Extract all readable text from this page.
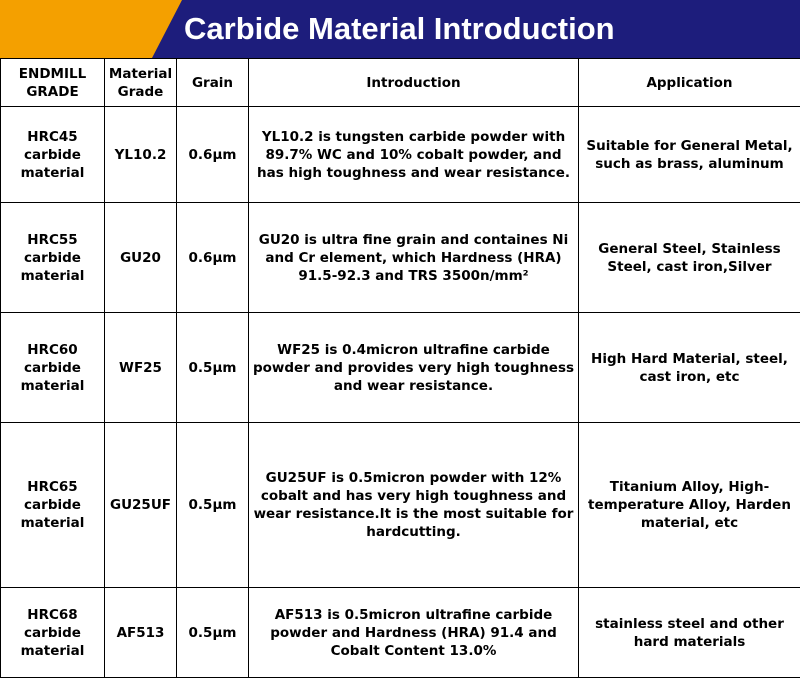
Carbide Material Introduction
ENDMILL GRADE	Material Grade	Grain	Introduction	Application
HRC45 carbide material	YL10.2	0.6μm	YL10.2 is tungsten carbide powder with 89.7% WC and 10% cobalt powder, and has high toughness and wear resistance.	Suitable for General Metal, such as brass, aluminum
HRC55 carbide material	GU20	0.6μm	GU20 is ultra fine grain and containes Ni and Cr element, which Hardness (HRA) 91.5-92.3 and TRS 3500n/mm²	General Steel, Stainless Steel, cast iron,Silver
HRC60 carbide material	WF25	0.5μm	WF25 is 0.4micron ultrafine carbide powder and provides very high toughness and wear resistance.	High Hard Material, steel, cast iron, etc
HRC65 carbide material	GU25UF	0.5μm	GU25UF is 0.5micron powder with 12% cobalt and has very high toughness and wear resistance.It is the most suitable for hardcutting.	Titanium Alloy, High-temperature Alloy, Harden material, etc
HRC68 carbide material	AF513	0.5μm	AF513 is 0.5micron ultrafine carbide powder and Hardness (HRA) 91.4 and Cobalt Content 13.0%	stainless steel and other hard materials
